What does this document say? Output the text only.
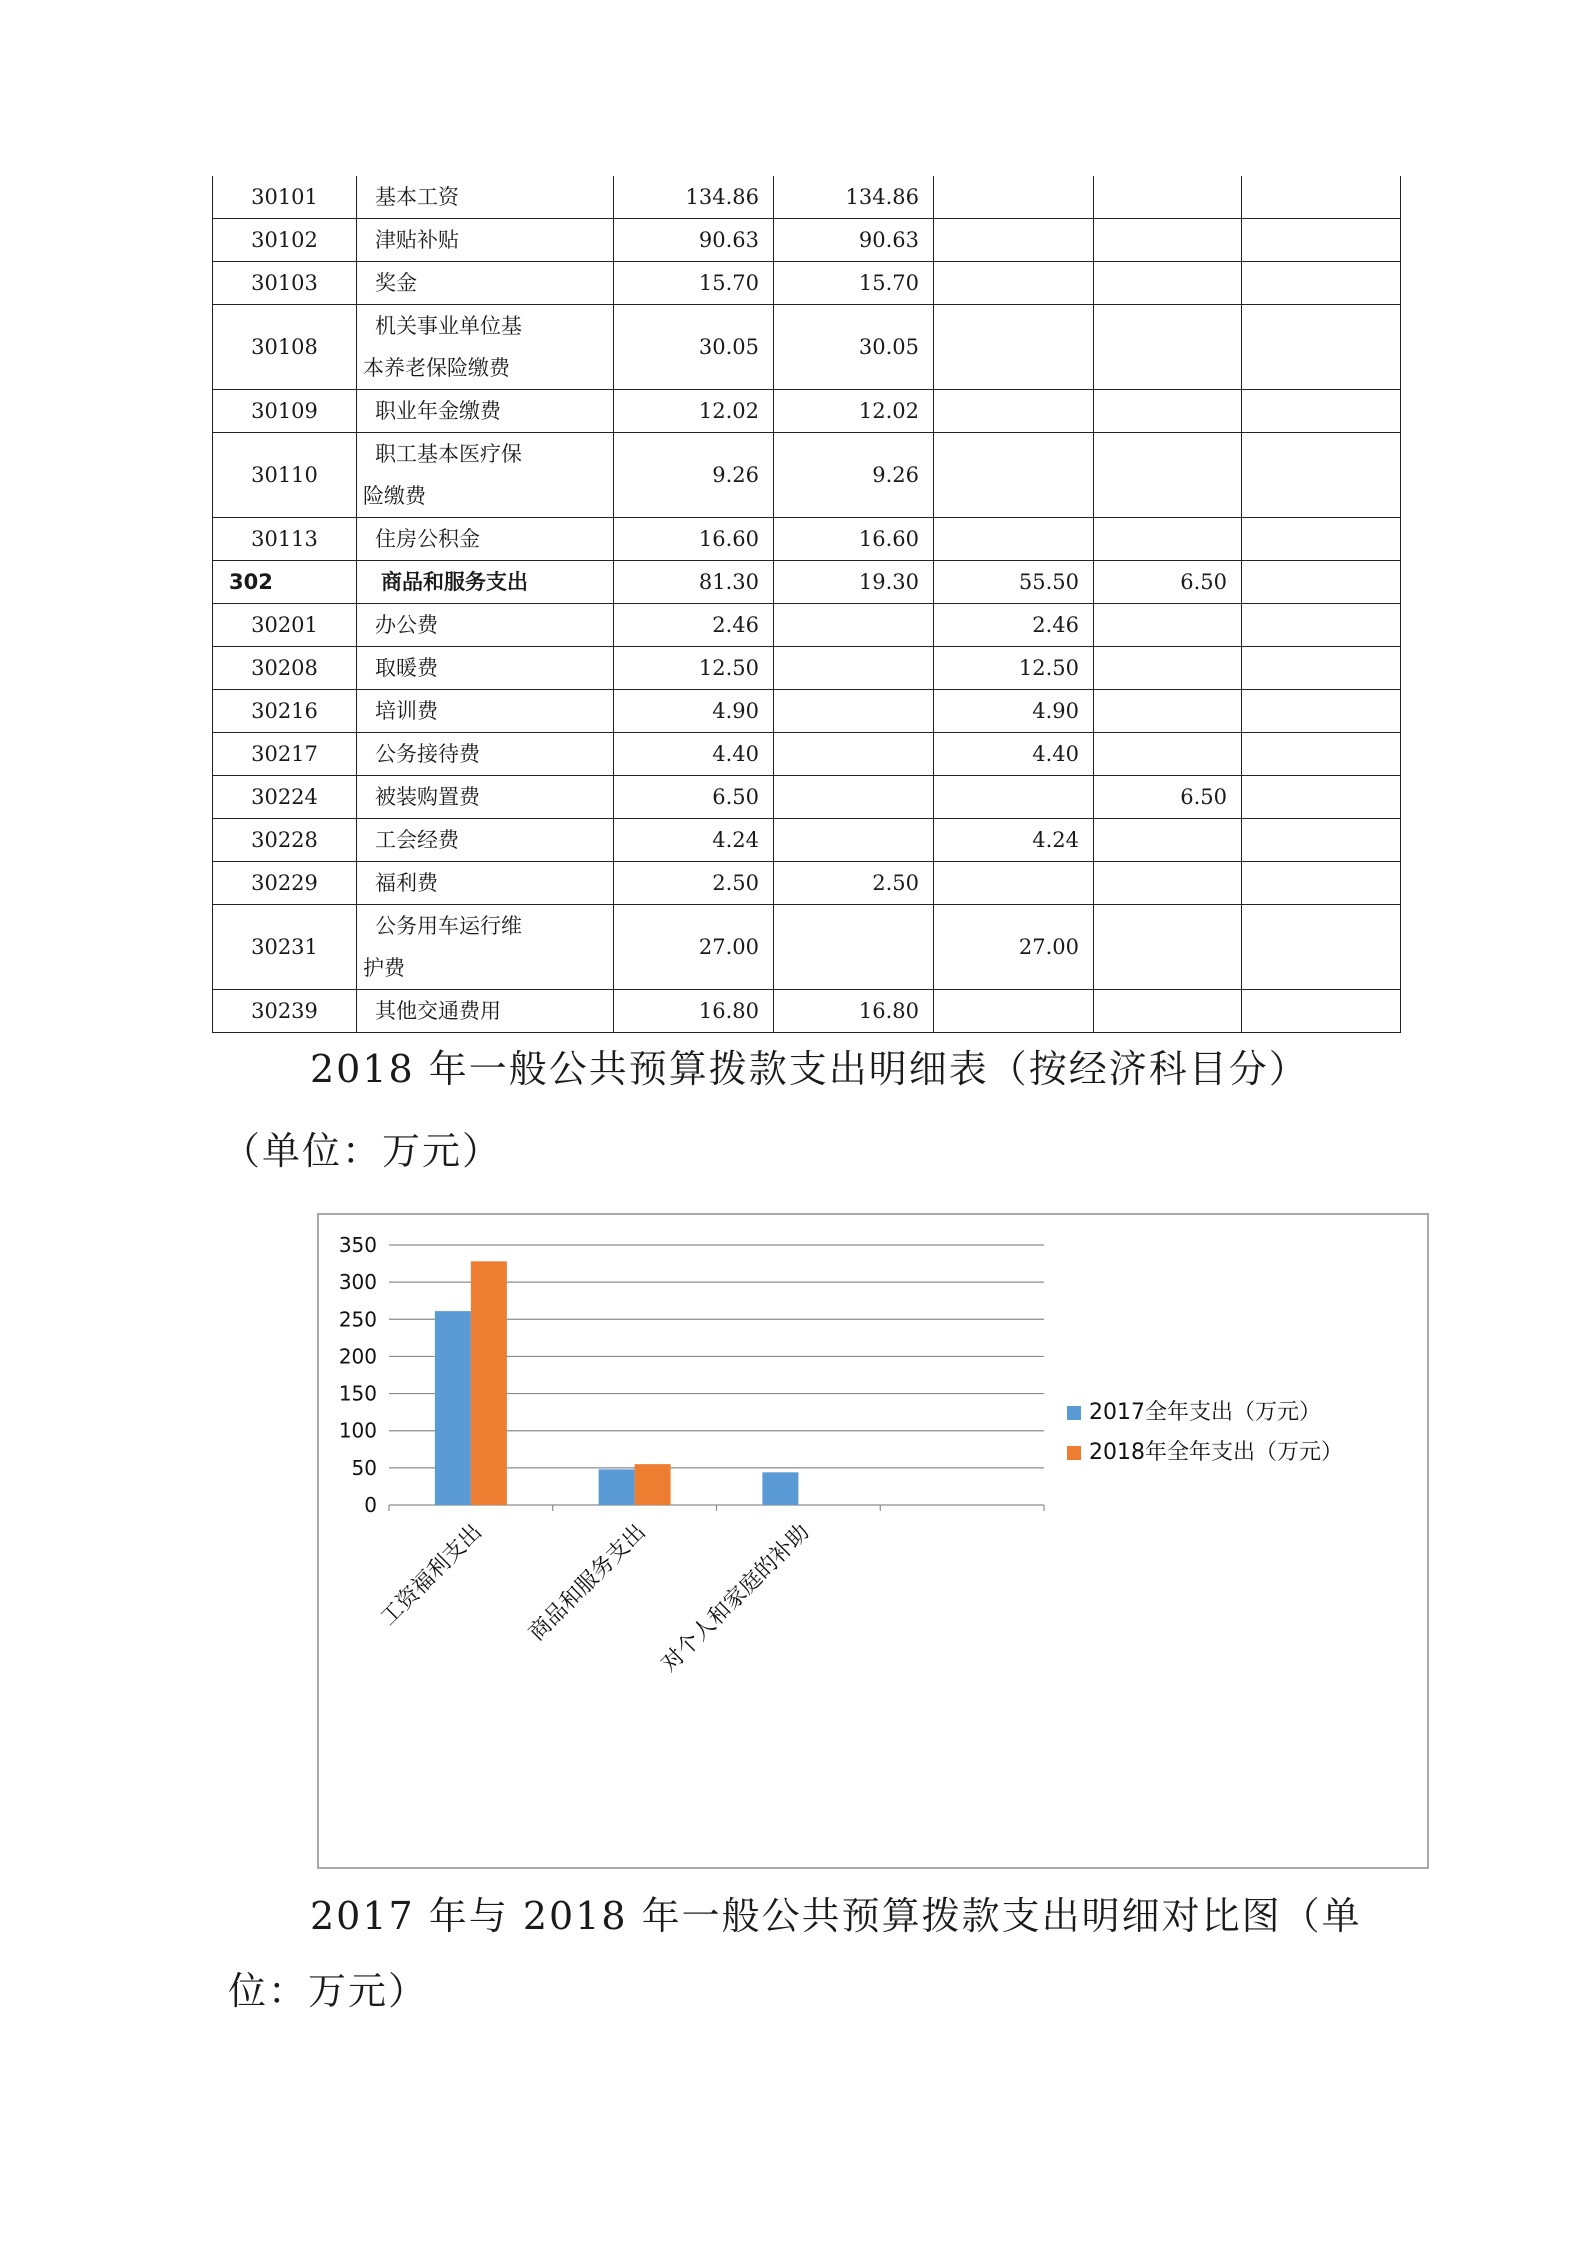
30101	基本工资	134.86	134.86			
30102	津贴补贴	90.63	90.63			
30103	奖金	15.70	15.70			
30108	机关事业单位基
本养老保险缴费	30.05	30.05			
30109	职业年金缴费	12.02	12.02			
30110	职工基本医疗保
险缴费	9.26	9.26			
30113	住房公积金	16.60	16.60			
302	商品和服务支出	81.30	19.30	55.50	6.50	
30201	办公费	2.46		2.46		
30208	取暖费	12.50		12.50		
30216	培训费	4.90		4.90		
30217	公务接待费	4.40		4.40		
30224	被装购置费	6.50			6.50	
30228	工会经费	4.24		4.24		
30229	福利费	2.50	2.50			
30231	公务用车运行维
护费	27.00		27.00		
30239	其他交通费用	16.80	16.80			
2018 年一般公共预算拨款支出明细表（按经济科目分）
（单位：万元）
0
50
100
150
200
250
300
350
工资福利支出 商品和服务支出 对个人和家庭的补助
2017全年支出（万元）
2018年全年支出（万元）
2017 年与 2018 年一般公共预算拨款支出明细对比图（单
位：万元）
